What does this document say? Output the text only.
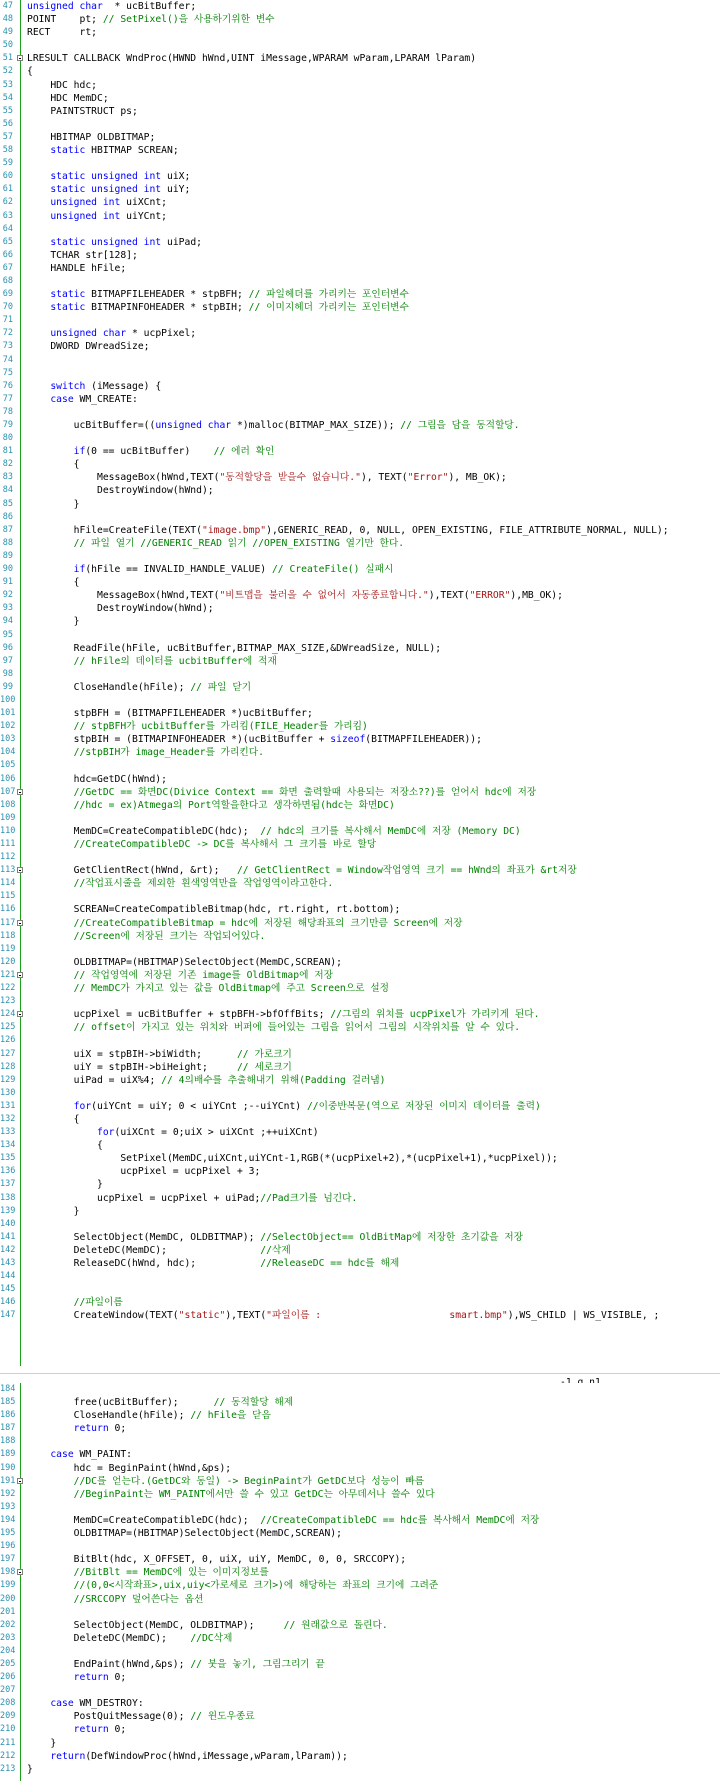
47 unsigned char  * ucBitBuffer;
48 POINT    pt; // SetPixel()을 사용하기위한 변수
49 RECT     rt;
50
51 LRESULT CALLBACK WndProc(HWND hWnd,UINT iMessage,WPARAM wParam,LPARAM lParam)
52 {
53 HDC hdc;
54 HDC MemDC;
55 PAINTSTRUCT ps;
56
57 HBITMAP OLDBITMAP;
58 static HBITMAP SCREAN;
59
60 static unsigned int uiX;
61 static unsigned int uiY;
62 unsigned int uiXCnt;
63 unsigned int uiYCnt;
64
65 static unsigned int uiPad;
66 TCHAR str[128];
67 HANDLE hFile;
68
69 static BITMAPFILEHEADER * stpBFH; // 파일헤더를 가리키는 포인터변수
70 static BITMAPINFOHEADER * stpBIH; // 이미지헤더 가리키는 포인터변수
71
72 unsigned char * ucpPixel;
73 DWORD DWreadSize;
74
75
76 switch (iMessage) {
77 case WM_CREATE:
78
79 ucBitBuffer=((unsigned char *)malloc(BITMAP_MAX_SIZE)); // 그림을 담을 동적할당.
80
81 if(0 == ucBitBuffer)    // 에러 확인
82 {
83 MessageBox(hWnd,TEXT("동적할당을 받을수 없습니다."), TEXT("Error"), MB_OK);
84 DestroyWindow(hWnd);
85 }
86
87 hFile=CreateFile(TEXT("image.bmp"),GENERIC_READ, 0, NULL, OPEN_EXISTING, FILE_ATTRIBUTE_NORMAL, NULL);
88 // 파일 열기 //GENERIC_READ 읽기 //OPEN_EXISTING 열기만 한다.
89
90 if(hFile == INVALID_HANDLE_VALUE) // CreateFile() 실패시
91 {
92 MessageBox(hWnd,TEXT("비트맵을 불러올 수 없어서 자동종료합니다."),TEXT("ERROR"),MB_OK);
93 DestroyWindow(hWnd);
94 }
95
96 ReadFile(hFile, ucBitBuffer,BITMAP_MAX_SIZE,&DWreadSize, NULL);
97 // hFile의 데이터를 ucbitBuffer에 적재
98
99 CloseHandle(hFile); // 파일 닫기
100
101 stpBFH = (BITMAPFILEHEADER *)ucBitBuffer;
102 // stpBFH가 ucbitBuffer를 가리킴(FILE_Header를 가리킴)
103 stpBIH = (BITMAPINFOHEADER *)(ucBitBuffer + sizeof(BITMAPFILEHEADER));
104 //stpBIH가 image_Header를 가리킨다.
105
106 hdc=GetDC(hWnd);
107 //GetDC == 화면DC(Divice Context == 화면 출력할때 사용되는 저장소??)를 얻어서 hdc에 저장
108 //hdc = ex)Atmega의 Port역할을한다고 생각하면됨(hdc는 화면DC)
109
110 MemDC=CreateCompatibleDC(hdc);  // hdc의 크기를 복사해서 MemDC에 저장 (Memory DC)
111 //CreateCompatibleDC -> DC를 복사해서 그 크기를 바로 할당
112
113 GetClientRect(hWnd, &rt);   // GetClientRect = Window작업영역 크기 == hWnd의 좌표가 &rt저장
114 //작업표시줄을 제외한 흰색영역만을 작업영역이라고한다.
115
116 SCREAN=CreateCompatibleBitmap(hdc, rt.right, rt.bottom);
117 //CreateCompatibleBitmap = hdc에 저장된 해당좌표의 크기만큼 Screen에 저장
118 //Screen에 저장된 크기는 작업되어있다.
119
120 OLDBITMAP=(HBITMAP)SelectObject(MemDC,SCREAN);
121 // 작업영역에 저장된 기존 image를 OldBitmap에 저장
122 // MemDC가 가지고 있는 값을 OldBitmap에 주고 Screen으로 설정
123
124 ucpPixel = ucBitBuffer + stpBFH->bfOffBits; //그림의 위치를 ucpPixel가 가리키게 된다.
125 // offset이 가지고 있는 위치와 버퍼에 들어있는 그림을 읽어서 그림의 시작위치를 알 수 있다.
126
127 uiX = stpBIH->biWidth;      // 가로크기
128 uiY = stpBIH->biHeight;     // 세로크기
129 uiPad = uiX%4; // 4의배수를 추출해내기 위해(Padding 걸러냄)
130
131 for(uiYCnt = uiY; 0 < uiYCnt ;--uiYCnt) //이중반복문(역으로 저장된 이미지 데이터를 출력)
132 {
133 for(uiXCnt = 0;uiX > uiXCnt ;++uiXCnt)
134 {
135 SetPixel(MemDC,uiXCnt,uiYCnt-1,RGB(*(ucpPixel+2),*(ucpPixel+1),*ucpPixel));
136 ucpPixel = ucpPixel + 3;
137 }
138 ucpPixel = ucpPixel + uiPad;//Pad크기를 넘긴다.
139 }
140
141 SelectObject(MemDC, OLDBITMAP); //SelectObject== OldBitMap에 저장한 초기값을 저장
142 DeleteDC(MemDC);                //삭제
143 ReleaseDC(hWnd, hdc);           //ReleaseDC == hdc를 해제
144
145
146 //파일이름
147 CreateWindow(TEXT("static"),TEXT("파일이름 :                      smart.bmp"),WS_CHILD | WS_VISIBLE, ;
184
185 free(ucBitBuffer);      // 동적할당 해제
186 CloseHandle(hFile); // hFile을 닫음
187 return 0;
188
189 case WM_PAINT:
190 hdc = BeginPaint(hWnd,&ps);
191 //DC를 얻는다.(GetDC와 동일) -> BeginPaint가 GetDC보다 성능이 빠름
192 //BeginPaint는 WM_PAINT에서만 쓸 수 있고 GetDC는 아무데서나 쓸수 있다
193
194 MemDC=CreateCompatibleDC(hdc);  //CreateCompatibleDC == hdc를 복사해서 MemDC에 저장
195 OLDBITMAP=(HBITMAP)SelectObject(MemDC,SCREAN);
196
197 BitBlt(hdc, X_OFFSET, 0, uiX, uiY, MemDC, 0, 0, SRCCOPY);
198 //BitBlt == MemDC에 있는 이미지정보를
199 //(0,0<시작좌표>,uix,uiy<가로세로 크기>)에 해당하는 좌표의 크기에 그려준
200 //SRCCOPY 덮어쓴다는 옵션
201
202 SelectObject(MemDC, OLDBITMAP);     // 원래값으로 돌린다.
203 DeleteDC(MemDC);    //DC삭제
204
205 EndPaint(hWnd,&ps); // 붓을 놓기, 그림그리기 끝
206 return 0;
207
208 case WM_DESTROY:
209 PostQuitMessage(0); // 윈도우종료
210 return 0;
211 }
212 return(DefWindowProc(hWnd,iMessage,wParam,lParam));
213 }
